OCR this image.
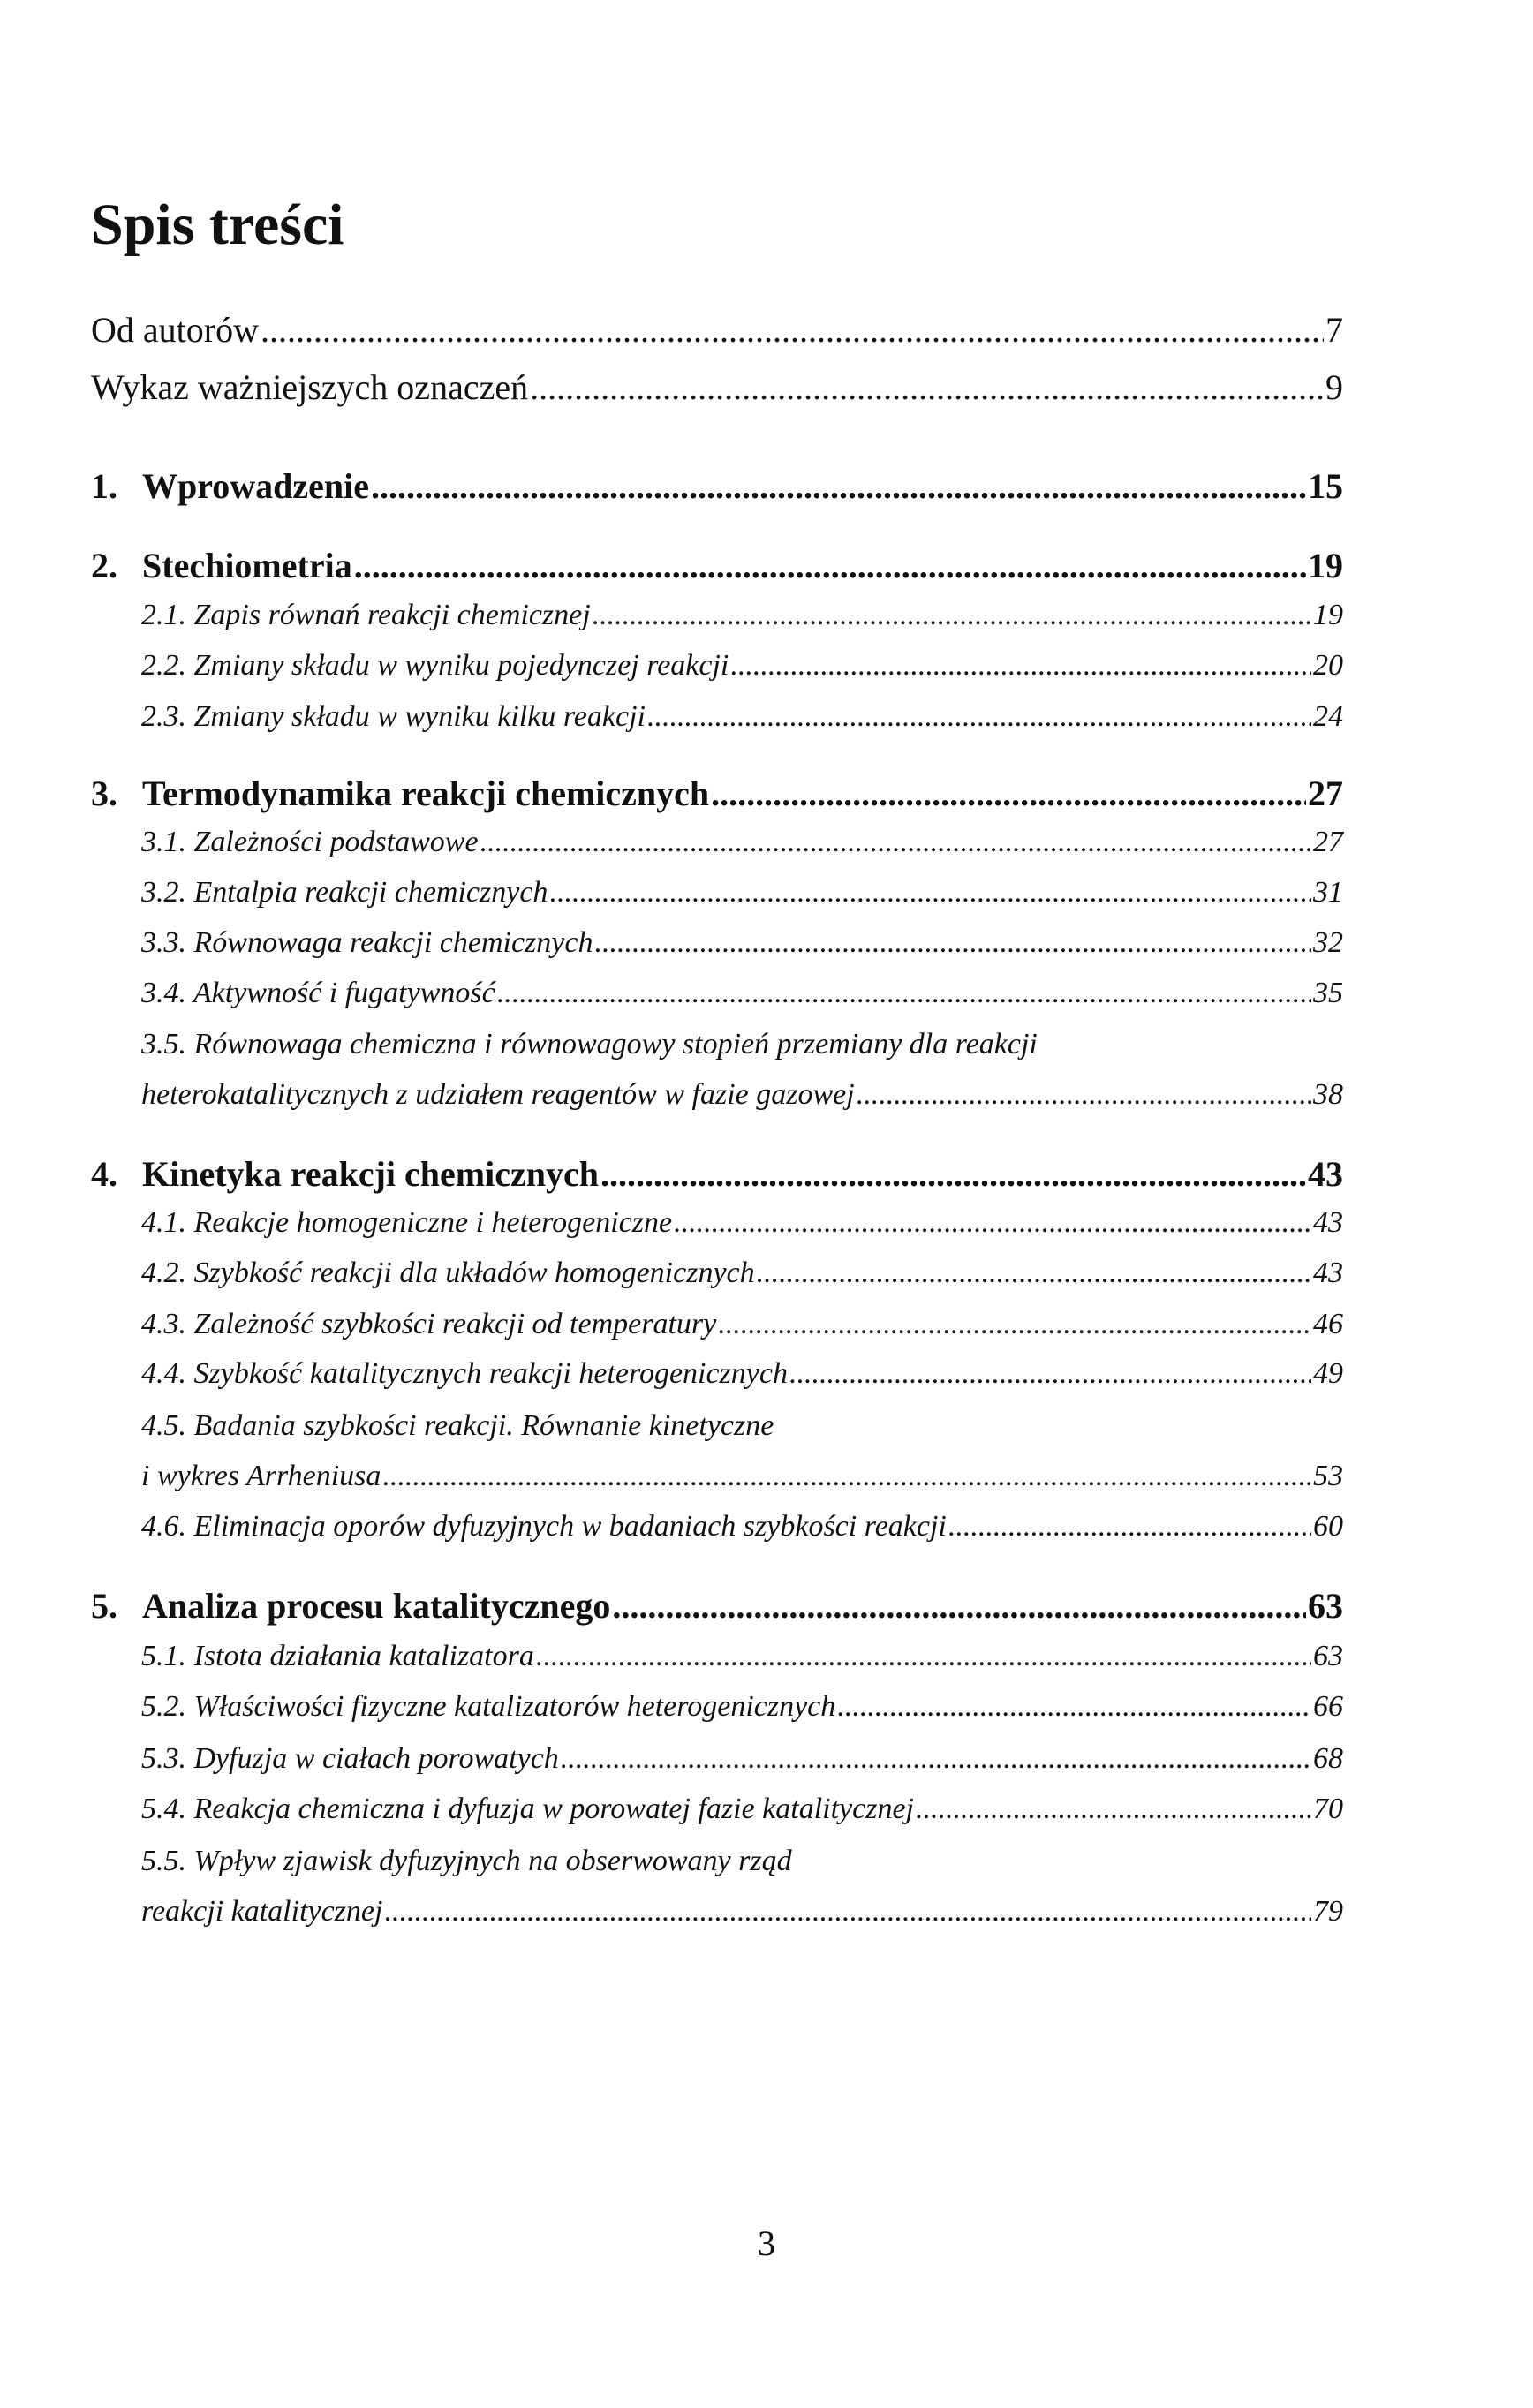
Spis treści
Od autorów .....	7
Wykaz ważniejszych oznaczeń .....	9
1. Wprowadzenie .....	15
2. Stechiometria .....	19
2.1. Zapis równań reakcji chemicznej .....	19
2.2. Zmiany składu w wyniku pojedynczej reakcji .....	20
2.3. Zmiany składu w wyniku kilku reakcji .....	24
3. Termodynamika reakcji chemicznych .....	27
3.1. Zależności podstawowe .....	27
3.2. Entalpia reakcji chemicznych .....	31
3.3. Równowaga reakcji chemicznych .....	32
3.4. Aktywność i fugatywność .....	35
3.5. Równowaga chemiczna i równowagowy stopień przemiany dla reakcji
heterokatalitycznych z udziałem reagentów w fazie gazowej .....	38
4. Kinetyka reakcji chemicznych .....	43
4.1. Reakcje homogeniczne i heterogeniczne .....	43
4.2. Szybkość reakcji dla układów homogenicznych .....	43
4.3. Zależność szybkości reakcji od temperatury .....	46
4.4. Szybkość katalitycznych reakcji heterogenicznych .....	49
4.5. Badania szybkości reakcji. Równanie kinetyczne
i wykres Arrheniusa .....	53
4.6. Eliminacja oporów dyfuzyjnych w badaniach szybkości reakcji .....	60
5. Analiza procesu katalitycznego .....	63
5.1. Istota działania katalizatora .....	63
5.2. Właściwości fizyczne katalizatorów heterogenicznych .....	66
5.3. Dyfuzja w ciałach porowatych .....	68
5.4. Reakcja chemiczna i dyfuzja w porowatej fazie katalitycznej .....	70
5.5. Wpływ zjawisk dyfuzyjnych na obserwowany rząd
reakcji katalitycznej .....	79
3
